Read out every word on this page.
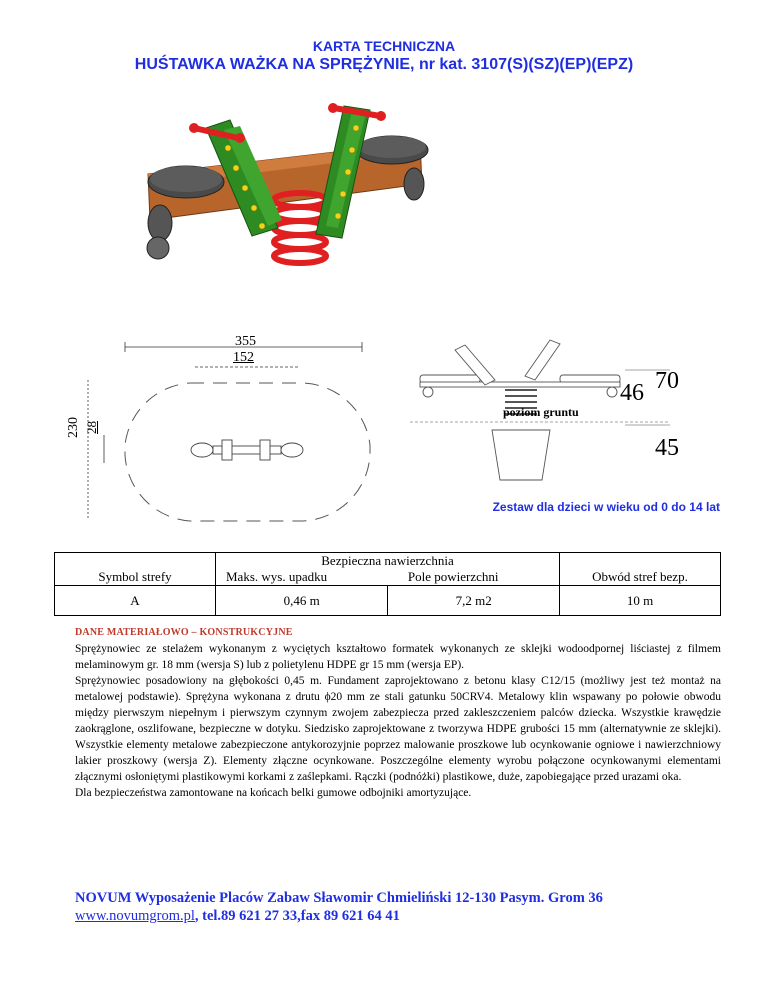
KARTA TECHNICZNA
HUŚTAWKA WAŻKA NA SPRĘŻYNIE, nr kat. 3107(S)(SZ)(EP)(EPZ)
355
152
230 28
poziom gruntu
46 70
45
Zestaw dla dzieci w wieku od 0 do 14 lat
Symbol strefy	Bezpieczna nawierzchnia		Obwód stref bezp.
	Maks. wys. upadku	Pole powierzchni	
A	0,46 m	7,2 m2	10 m
DANE MATERIAŁOWO – KONSTRUKCYJNE

Sprężynowiec ze stelażem wykonanym z wyciętych kształtowo formatek wykonanych ze sklejki wodoodpornej liściastej z filmem melaminowym gr. 18 mm (wersja S) lub z polietylenu HDPE gr 15 mm (wersja EP).

Sprężynowiec posadowiony na głębokości 0,45 m. Fundament zaprojektowano z betonu klasy C12/15 (możliwy jest też montaż na metalowej podstawie). Sprężyna wykonana z drutu ϕ20 mm ze stali gatunku 50CRV4. Metalowy klin wspawany po połowie obwodu między pierwszym niepełnym i pierwszym czynnym zwojem zabezpiecza przed zakleszczeniem palców dziecka. Wszystkie krawędzie zaokrąglone, oszlifowane, bezpieczne w dotyku. Siedzisko zaprojektowane z tworzywa HDPE grubości 15 mm (alternatywnie ze sklejki). Wszystkie elementy metalowe zabezpieczone antykorozyjnie poprzez malowanie proszkowe lub ocynkowanie ogniowe i nawierzchniowy lakier proszkowy (wersja Z). Elementy złączne ocynkowane. Poszczególne elementy wyrobu połączone ocynkowanymi elementami złącznymi osłoniętymi plastikowymi korkami z zaślepkami. Rączki (podnóżki) plastikowe, duże, zapobiegające przed urazami oka.

Dla bezpieczeństwa zamontowane na końcach belki gumowe odbojniki amortyzujące.

NOVUM Wyposażenie Placów Zabaw Sławomir Chmieliński 12-130 Pasym. Grom 36
www.novumgrom.pl, tel.89 621 27 33,fax 89 621 64 41
